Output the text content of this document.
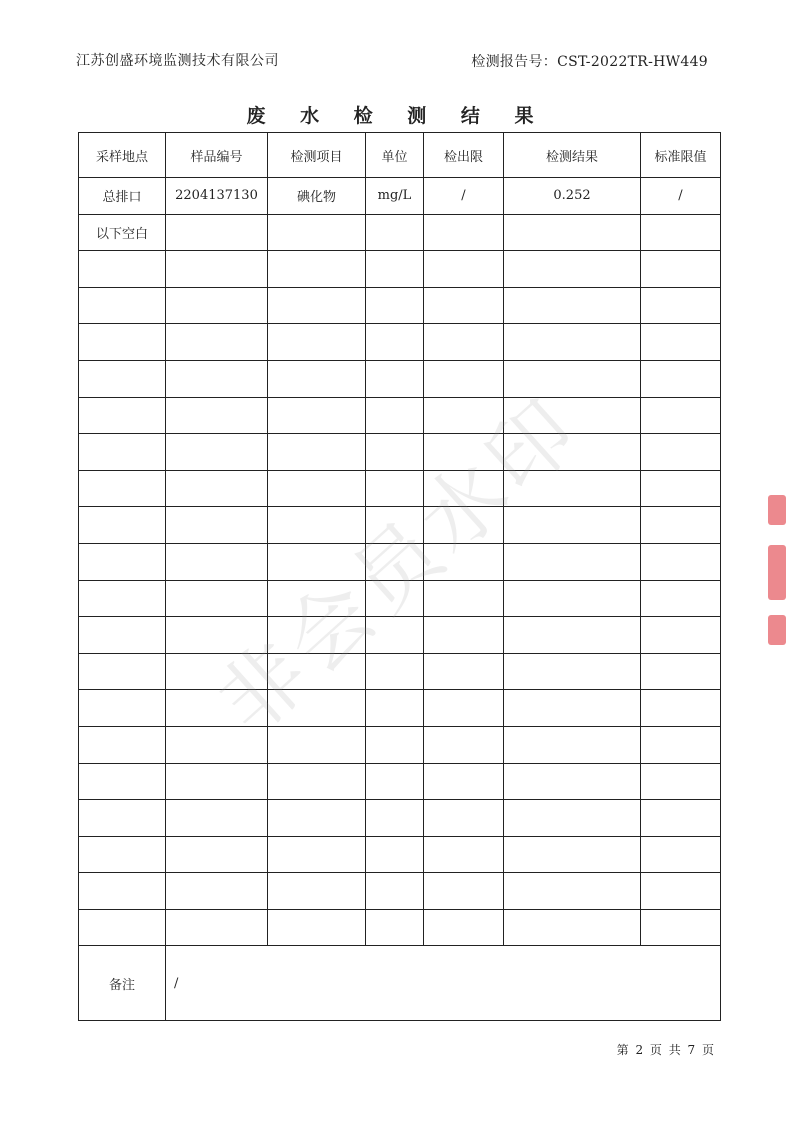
江苏创盛环境监测技术有限公司	检测报告号：CST-2022TR-HW449
废 水 检 测 结 果
采样地点	样品编号	检测项目	单位	检出限	检测结果	标准限值
总排口	2204137130	碘化物	mg/L	/	0.252	/
以下空白						

备注	/					
非会员水印
第 2 页 共 7 页
